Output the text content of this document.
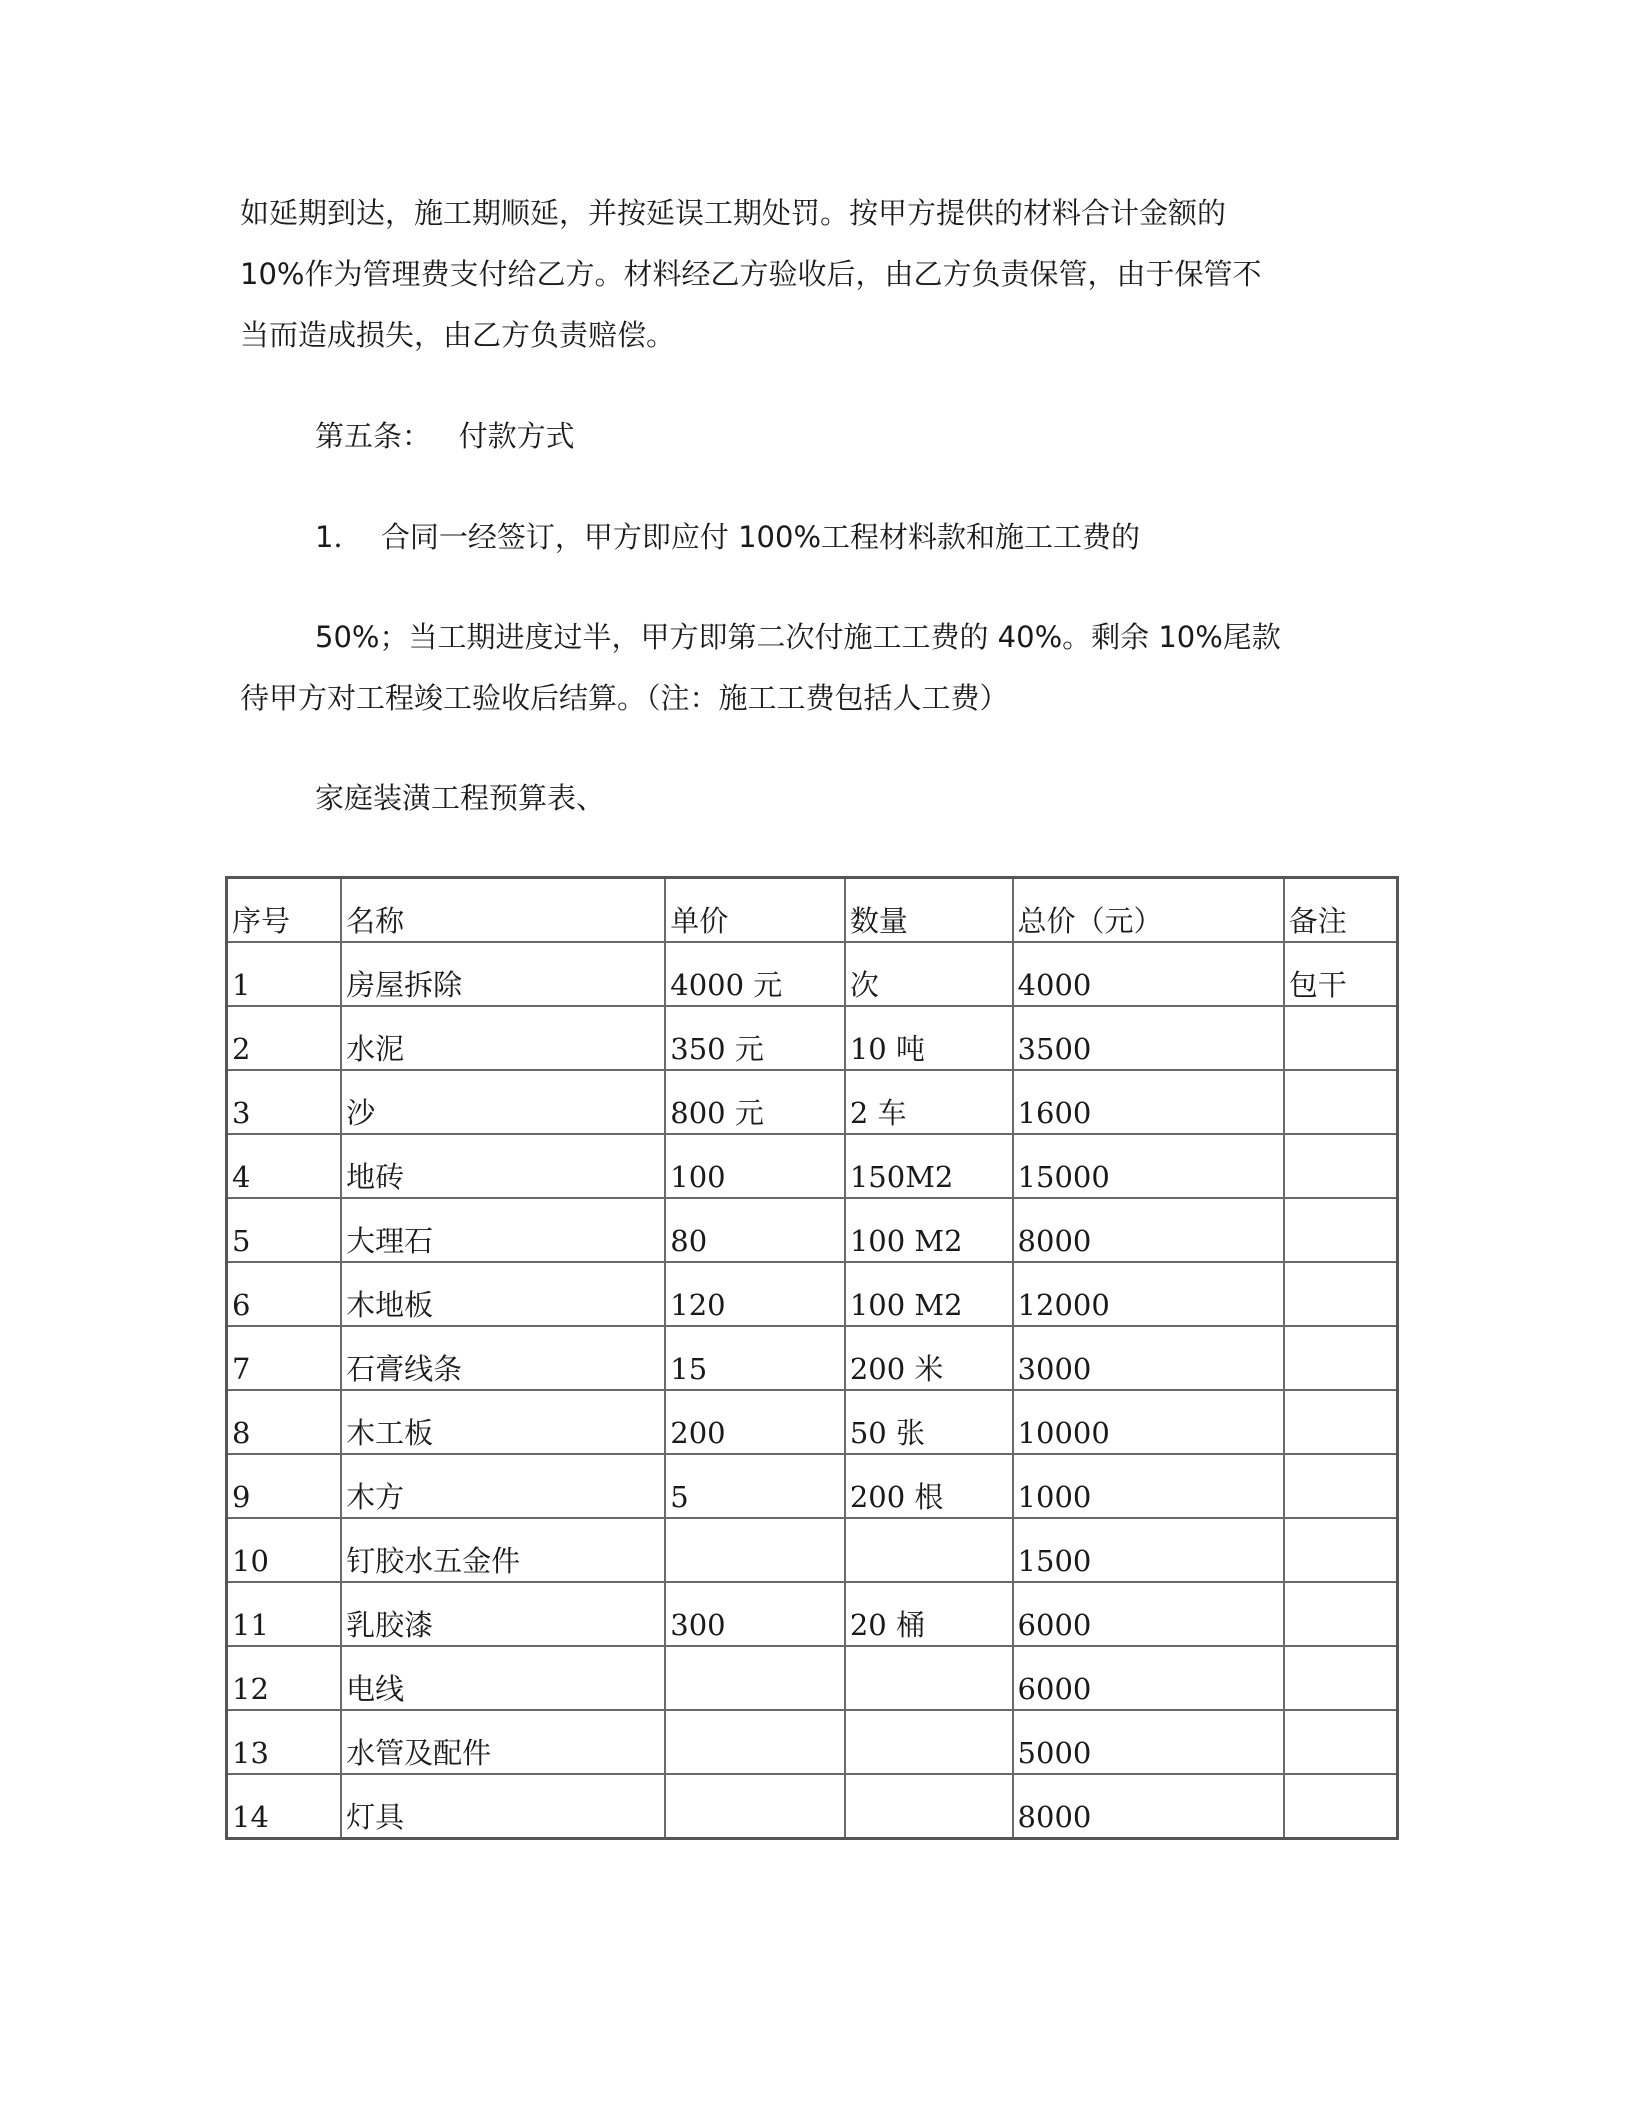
如延期到达，施工期顺延，并按延误工期处罚。按甲方提供的材料合计金额的

10%作为管理费支付给乙方。材料经乙方验收后，由乙方负责保管，由于保管不

当而造成损失，由乙方负责赔偿。

第五条：   付款方式

1．  合同一经签订，甲方即应付 100%工程材料款和施工工费的

50%；当工期进度过半，甲方即第二次付施工工费的 40%。剩余 10%尾款

待甲方对工程竣工验收后结算。（注：施工工费包括人工费）

家庭装潢工程预算表、

序号	名称	单价	数量	总价（元）	备注
1	房屋拆除	4000 元	次	4000	包干
2	水泥	350 元	10 吨	3500	
3	沙	800 元	2 车	1600	
4	地砖	100	150M2	15000	
5	大理石	80	100 M2	8000	
6	木地板	120	100 M2	12000	
7	石膏线条	15	200 米	3000	
8	木工板	200	50 张	10000	
9	木方	5	200 根	1000	
10	钉胶水五金件			1500	
11	乳胶漆	300	20 桶	6000	
12	电线			6000	
13	水管及配件			5000	
14	灯具			8000	
